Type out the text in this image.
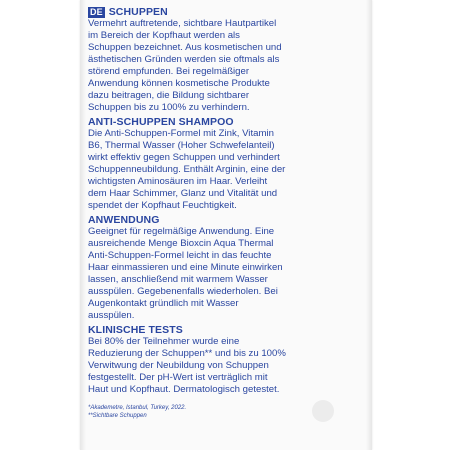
DE SCHUPPEN

Vermehrt auftretende, sichtbare Hautpartikel
im Bereich der Kopfhaut werden als
Schuppen bezeichnet. Aus kosmetischen und
ästhetischen Gründen werden sie oftmals als
störend empfunden. Bei regelmäßiger
Anwendung können kosmetische Produkte
dazu beitragen, die Bildung sichtbarer
Schuppen bis zu 100% zu verhindern.

ANTI-SCHUPPEN SHAMPOO

Die Anti-Schuppen-Formel mit Zink, Vitamin
B6, Thermal Wasser (Hoher Schwefelanteil)
wirkt effektiv gegen Schuppen und verhindert
Schuppenneubildung. Enthält Arginin, eine der
wichtigsten Aminosäuren im Haar. Verleiht
dem Haar Schimmer, Glanz und Vitalität und
spendet der Kopfhaut Feuchtigkeit.

ANWENDUNG

Geeignet für regelmäßige Anwendung. Eine
ausreichende Menge Bioxcin Aqua Thermal
Anti-Schuppen-Formel leicht in das feuchte
Haar einmassieren und eine Minute einwirken
lassen, anschließend mit warmem Wasser
ausspülen. Gegebenenfalls wiederholen. Bei
Augenkontakt gründlich mit Wasser
ausspülen.

KLINISCHE TESTS

Bei 80% der Teilnehmer wurde eine
Reduzierung der Schuppen** und bis zu 100%
Verwitwung der Neubildung von Schuppen
festgestellt. Der pH-Wert ist verträglich mit
Haut und Kopfhaut. Dermatologisch getestet.

*Akademetre, Istanbul, Turkey, 2022.
**Sichtbare Schuppen
